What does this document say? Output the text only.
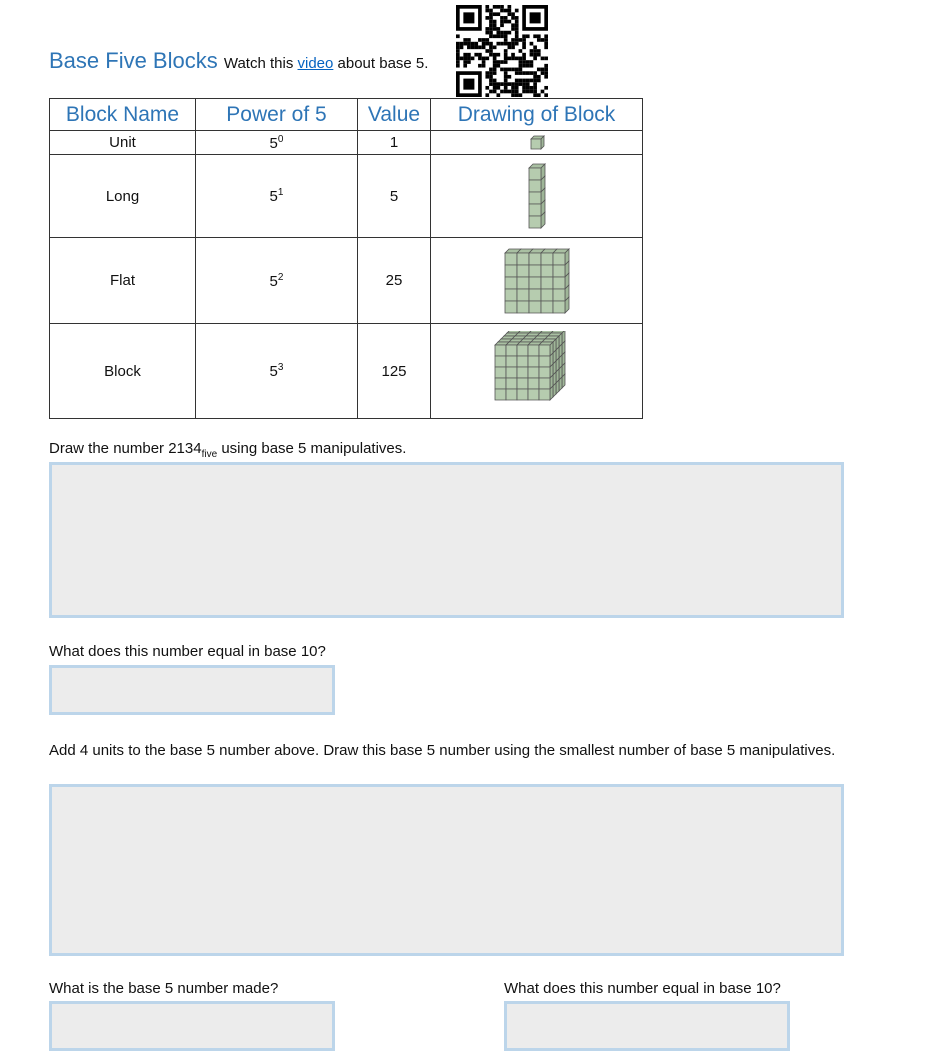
Base Five Blocks Watch this video about base 5.
Block Name	Power of 5	Value	Drawing of Block
Unit	$5^0$	1	

Long	$5^1$	5	

Flat	$5^2$	25	

Block	$5^3$	125	
Draw the number $2134_{five}$ using base 5 manipulatives.
What does this number equal in base 10?
Add 4 units to the base 5 number above. Draw this base 5 number using the smallest number of base 5 manipulatives.
What is the base 5 number made?	What does this number equal in base 10?
